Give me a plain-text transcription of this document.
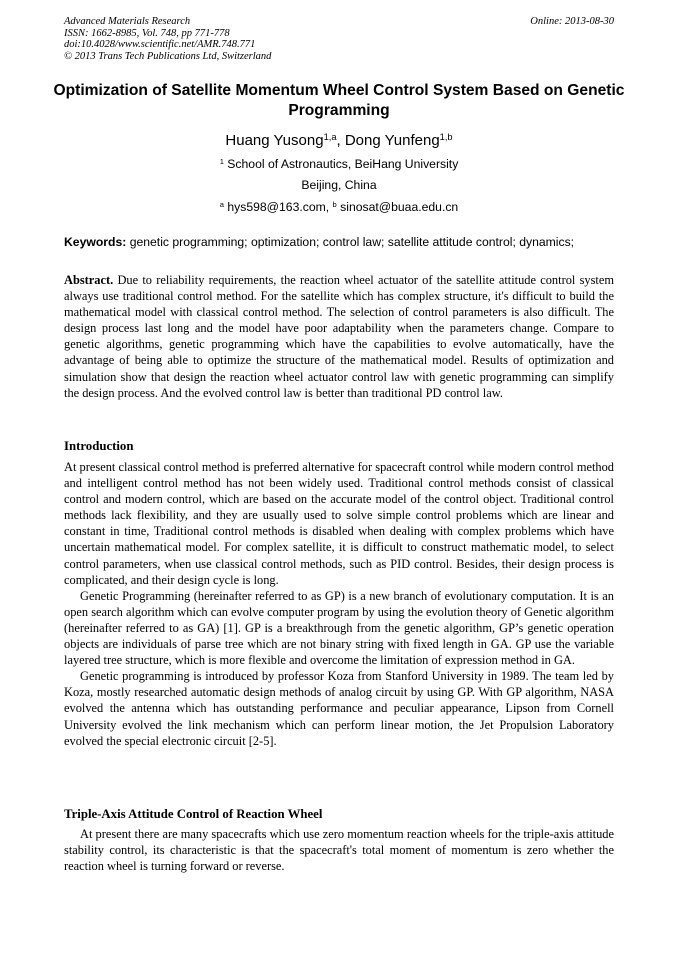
Advanced Materials Research
ISSN: 1662-8985, Vol. 748, pp 771-778
doi:10.4028/www.scientific.net/AMR.748.771
© 2013 Trans Tech Publications Ltd, Switzerland
Online: 2013-08-30
Optimization of Satellite Momentum Wheel Control System Based on Genetic Programming
Huang Yusong$^{1,a}$, Dong Yunfeng$^{1,b}$
$^1$ School of Astronautics, BeiHang University
Beijing, China
$^a$ hys598@163.com, $^b$ sinosat@buaa.edu.cn
Keywords: genetic programming; optimization; control law; satellite attitude control; dynamics;

Abstract. Due to reliability requirements, the reaction wheel actuator of the satellite attitude control system always use traditional control method. For the satellite which has complex structure, it's difficult to build the mathematical model with classical control method. The selection of control parameters is also difficult. The design process last long and the model have poor adaptability when the parameters change. Compare to genetic algorithms, genetic programming which have the capabilities to evolve automatically, have the advantage of being able to optimize the structure of the mathematical model. Results of optimization and simulation show that design the reaction wheel actuator control law with genetic programming can simplify the design process. And the evolved control law is better than traditional PD control law.

Introduction

At present classical control method is preferred alternative for spacecraft control while modern control method and intelligent control method has not been widely used. Traditional control methods consist of classical control and modern control, which are based on the accurate model of the control object. Traditional control methods lack flexibility, and they are usually used to solve simple control problems which are linear and constant in time, Traditional control methods is disabled when dealing with complex problems which have uncertain mathematical model. For complex satellite, it is difficult to construct mathematic model, to select control parameters, when use classical control methods, such as PID control. Besides, their design process is complicated, and their design cycle is long.

Genetic Programming (hereinafter referred to as GP) is a new branch of evolutionary computation. It is an open search algorithm which can evolve computer program by using the evolution theory of Genetic algorithm (hereinafter referred to as GA) [1]. GP is a breakthrough from the genetic algorithm, GP’s genetic operation objects are individuals of parse tree which are not binary string with fixed length in GA. GP use the variable layered tree structure, which is more flexible and overcome the limitation of expression method in GA.

Genetic programming is introduced by professor Koza from Stanford University in 1989. The team led by Koza, mostly researched automatic design methods of analog circuit by using GP. With GP algorithm, NASA evolved the antenna which has outstanding performance and peculiar appearance, Lipson from Cornell University evolved the link mechanism which can perform linear motion, the Jet Propulsion Laboratory evolved the special electronic circuit [2-5].

Triple-Axis Attitude Control of Reaction Wheel

At present there are many spacecrafts which use zero momentum reaction wheels for the triple-axis attitude stability control, its characteristic is that the spacecraft's total moment of momentum is zero whether the reaction wheel is turning forward or reverse.
